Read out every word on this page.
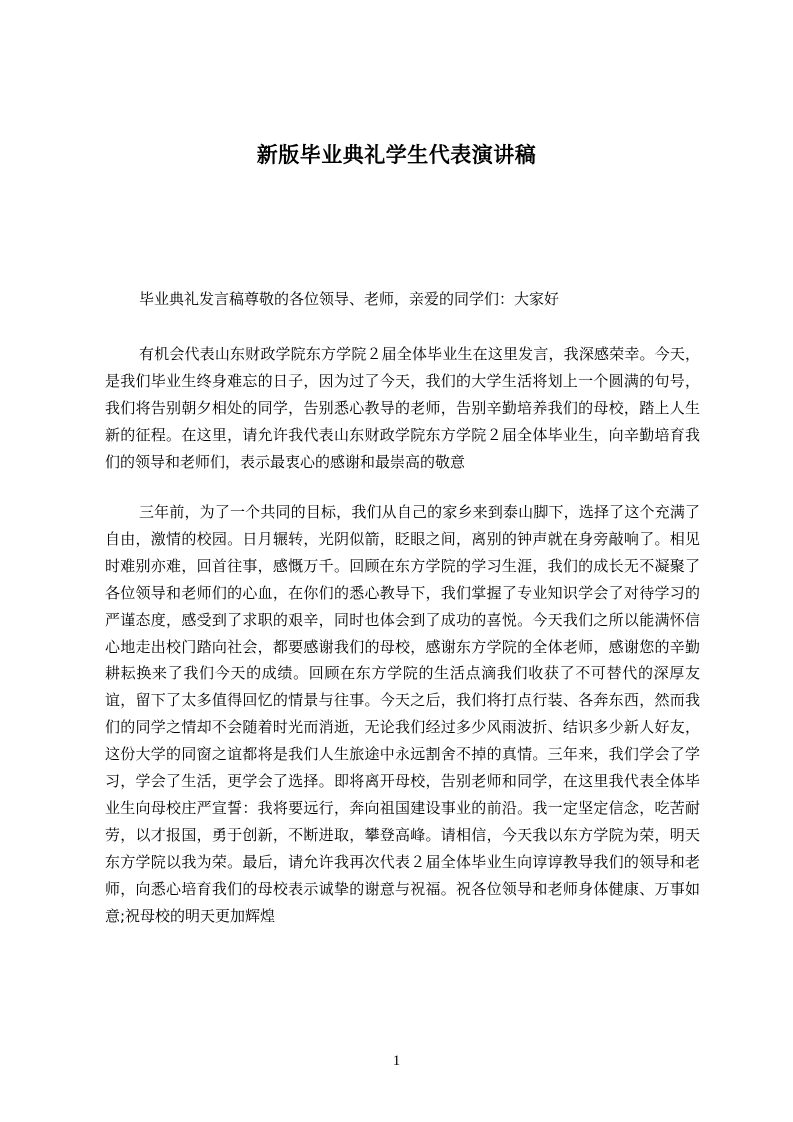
新版毕业典礼学生代表演讲稿

毕业典礼发言稿尊敬的各位领导、老师，亲爱的同学们：大家好

有机会代表山东财政学院东方学院２届全体毕业生在这里发言，我深感荣幸。今天，是我们毕业生终身难忘的日子，因为过了今天，我们的大学生活将划上一个圆满的句号，我们将告别朝夕相处的同学，告别悉心教导的老师，告别辛勤培养我们的母校，踏上人生新的征程。在这里，请允许我代表山东财政学院东方学院２届全体毕业生，向辛勤培育我们的领导和老师们，表示最衷心的感谢和最崇高的敬意

三年前，为了一个共同的目标，我们从自己的家乡来到泰山脚下，选择了这个充满了自由，激情的校园。日月辗转，光阴似箭，眨眼之间，离别的钟声就在身旁敲响了。相见时难别亦难，回首往事，感慨万千。回顾在东方学院的学习生涯，我们的成长无不凝聚了各位领导和老师们的心血，在你们的悉心教导下，我们掌握了专业知识学会了对待学习的严谨态度，感受到了求职的艰辛，同时也体会到了成功的喜悦。今天我们之所以能满怀信心地走出校门踏向社会，都要感谢我们的母校，感谢东方学院的全体老师，感谢您的辛勤耕耘换来了我们今天的成绩。回顾在东方学院的生活点滴我们收获了不可替代的深厚友谊，留下了太多值得回忆的情景与往事。今天之后，我们将打点行装、各奔东西，然而我们的同学之情却不会随着时光而消逝，无论我们经过多少风雨波折、结识多少新人好友，这份大学的同窗之谊都将是我们人生旅途中永远割舍不掉的真情。三年来，我们学会了学习，学会了生活，更学会了选择。即将离开母校，告别老师和同学，在这里我代表全体毕业生向母校庄严宣誓：我将要远行，奔向祖国建设事业的前沿。我一定坚定信念，吃苦耐劳，以才报国，勇于创新，不断进取，攀登高峰。请相信，今天我以东方学院为荣，明天东方学院以我为荣。最后，请允许我再次代表２届全体毕业生向谆谆教导我们的领导和老师，向悉心培育我们的母校表示诚挚的谢意与祝福。祝各位领导和老师身体健康、万事如意;祝母校的明天更加辉煌

1
